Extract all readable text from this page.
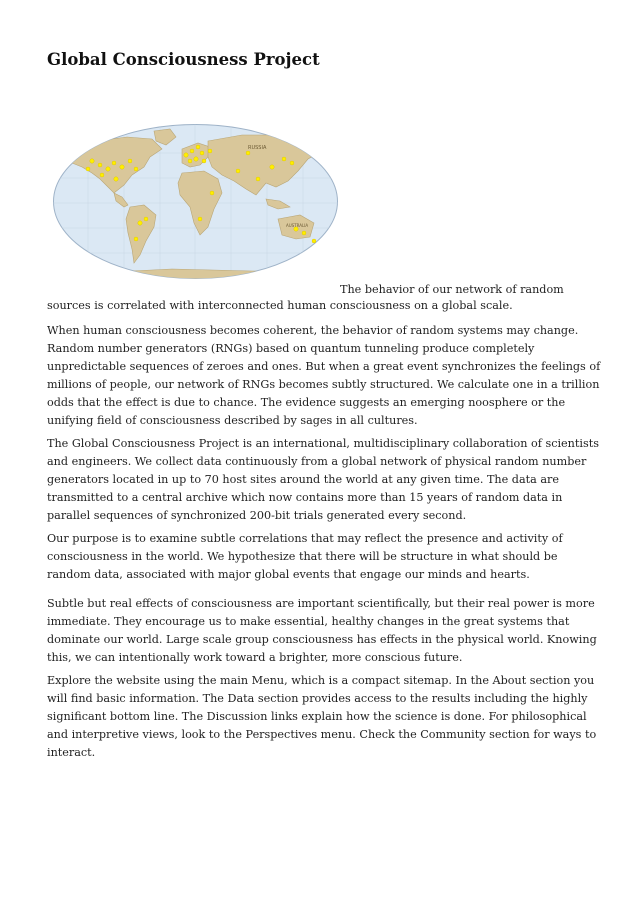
Global Consciousness Project
RUSSIA
AUSTRALIA

The behavior of our network of random

sources is correlated with interconnected human consciousness on a global scale.

When human consciousness becomes coherent, the behavior of random systems may change. Random number generators (RNGs) based on quantum tunneling produce completely unpredictable sequences of zeroes and ones. But when a great event synchronizes the feelings of millions of people, our network of RNGs becomes subtly structured. We calculate one in a trillion odds that the effect is due to chance. The evidence suggests an emerging noosphere or the unifying field of consciousness described by sages in all cultures.

The Global Consciousness Project is an international, multidisciplinary collaboration of scientists and engineers. We collect data continuously from a global network of physical random number generators located in up to 70 host sites around the world at any given time. The data are transmitted to a central archive which now contains more than 15 years of random data in parallel sequences of synchronized 200-bit trials generated every second.

Our purpose is to examine subtle correlations that may reflect the presence and activity of consciousness in the world. We hypothesize that there will be structure in what should be random data, associated with major global events that engage our minds and hearts.

Subtle but real effects of consciousness are important scientifically, but their real power is more immediate. They encourage us to make essential, healthy changes in the great systems that dominate our world. Large scale group consciousness has effects in the physical world. Knowing this, we can intentionally work toward a brighter, more conscious future.

Explore the website using the main Menu, which is a compact sitemap. In the About section you will find basic information. The Data section provides access to the results including the highly significant bottom line. The Discussion links explain how the science is done. For philosophical and interpretive views, look to the Perspectives menu. Check the Community section for ways to interact.
